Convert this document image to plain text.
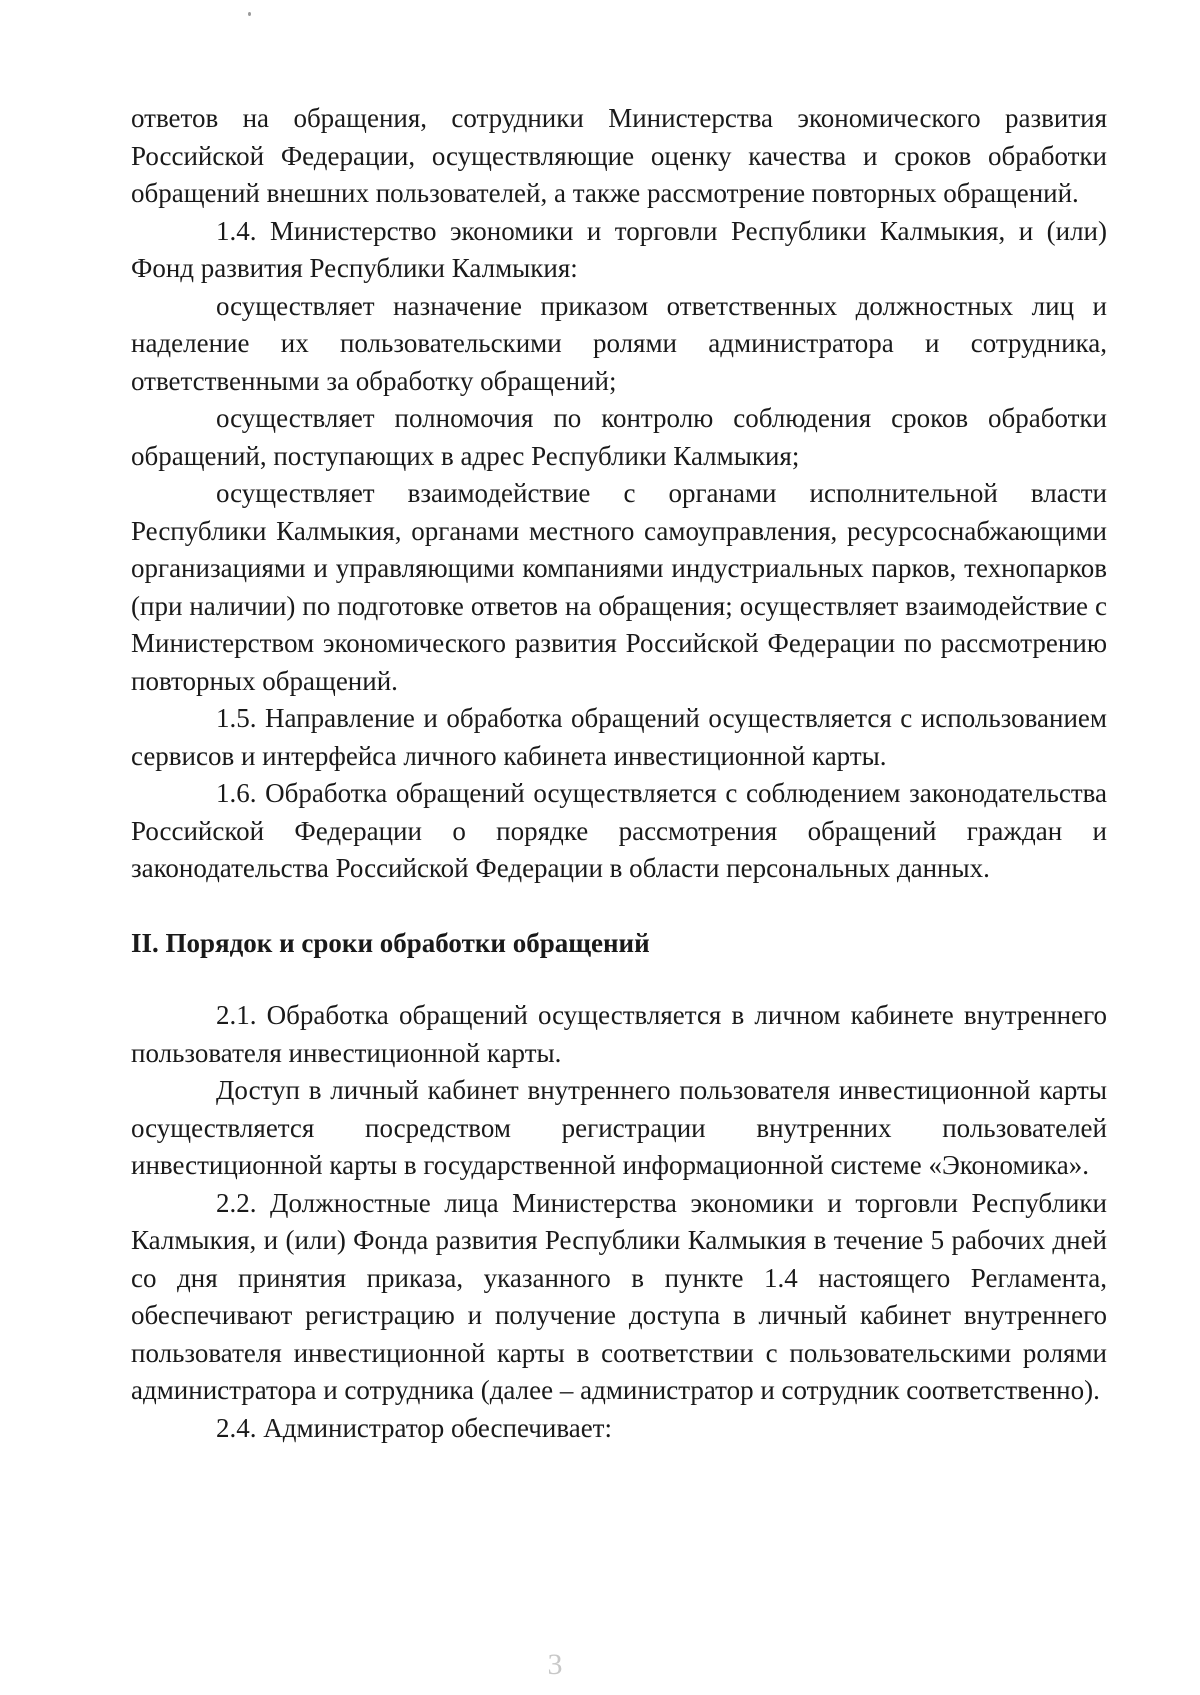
ответов на обращения, сотрудники Министерства экономического развития Российской Федерации, осуществляющие оценку качества и сроков обработки обращений внешних пользователей, а также рассмотрение повторных обращений.

1.4. Министерство экономики и торговли Республики Калмыкия, и (или) Фонд развития Республики Калмыкия:

осуществляет назначение приказом ответственных должностных лиц и наделение их пользовательскими ролями администратора и сотрудника, ответственными за обработку обращений;

осуществляет полномочия по контролю соблюдения сроков обработки обращений, поступающих в адрес Республики Калмыкия;

осуществляет взаимодействие с органами исполнительной власти Республики Калмыкия, органами местного самоуправления, ресурсоснабжающими организациями и управляющими компаниями индустриальных парков, технопарков (при наличии) по подготовке ответов на обращения; осуществляет взаимодействие с Министерством экономического развития Российской Федерации по рассмотрению повторных обращений.

1.5. Направление и обработка обращений осуществляется с использованием сервисов и интерфейса личного кабинета инвестиционной карты.

1.6. Обработка обращений осуществляется с соблюдением законодательства Российской Федерации о порядке рассмотрения обращений граждан и законодательства Российской Федерации в области персональных данных.

II. Порядок и сроки обработки обращений

2.1. Обработка обращений осуществляется в личном кабинете внутреннего пользователя инвестиционной карты.

Доступ в личный кабинет внутреннего пользователя инвестиционной карты осуществляется посредством регистрации внутренних пользователей инвестиционной карты в государственной информационной системе «Экономика».

2.2. Должностные лица Министерства экономики и торговли Республики Калмыкия, и (или) Фонда развития Республики Калмыкия в течение 5 рабочих дней со дня принятия приказа, указанного в пункте 1.4 настоящего Регламента, обеспечивают регистрацию и получение доступа в личный кабинет внутреннего пользователя инвестиционной карты в соответствии с пользовательскими ролями администратора и сотрудника (далее – администратор и сотрудник соответственно).

2.4. Администратор обеспечивает:

3
